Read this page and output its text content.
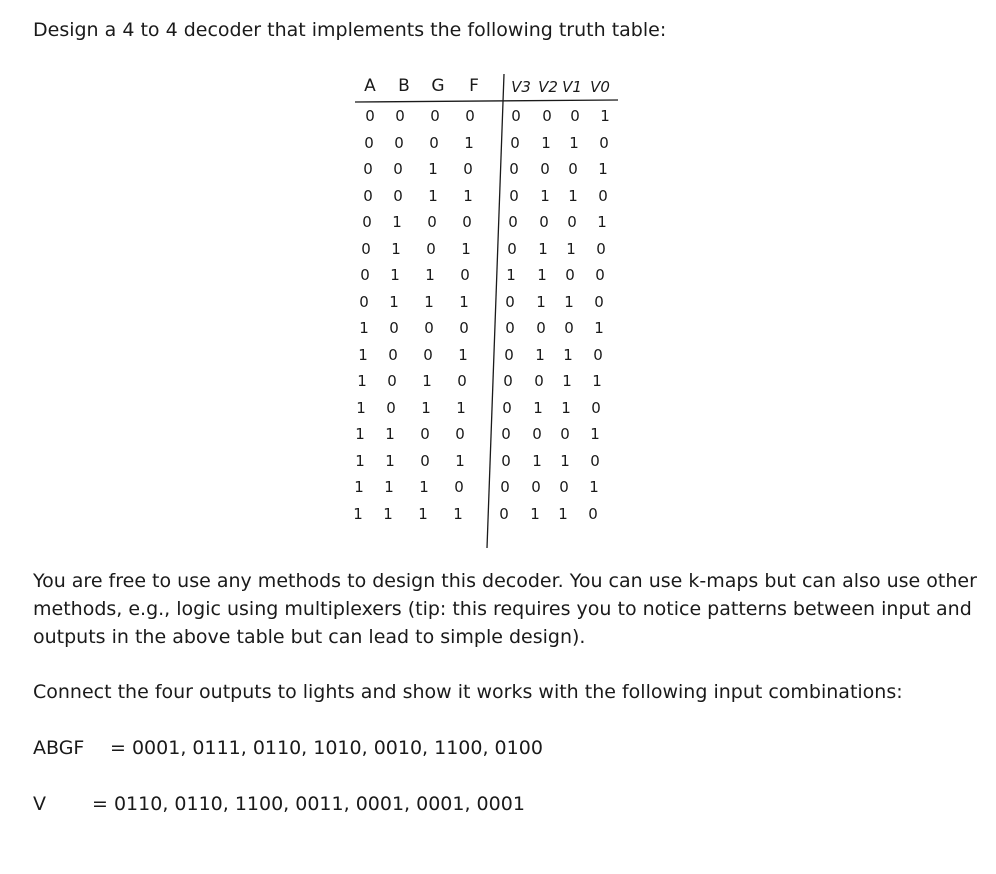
Design a 4 to 4 decoder that implements the following truth table:
A B G F V3 V2 V1 V0
0 0 0 0 0 0 0 1
0 0 0 1 0 1 1 0
0 0 1 0 0 0 0 1
0 0 1 1 0 1 1 0
0 1 0 0 0 0 0 1
0 1 0 1 0 1 1 0
0 1 1 0 1 1 0 0
0 1 1 1 0 1 1 0
1 0 0 0 0 0 0 1
1 0 0 1 0 1 1 0
1 0 1 0 0 0 1 1
1 0 1 1 0 1 1 0
1 1 0 0 0 0 0 1
1 1 0 1 0 1 1 0
1 1 1 0 0 0 0 1
1 1 1 1 0 1 1 0
You are free to use any methods to design this decoder. You can use k-maps but can also use other
methods, e.g., logic using multiplexers (tip: this requires you to notice patterns between input and
outputs in the above table but can lead to simple design).
Connect the four outputs to lights and show it works with the following input combinations:
ABGF = 0001, 0111, 0110, 1010, 0010, 1100, 0100
V = 0110, 0110, 1100, 0011, 0001, 0001, 0001
